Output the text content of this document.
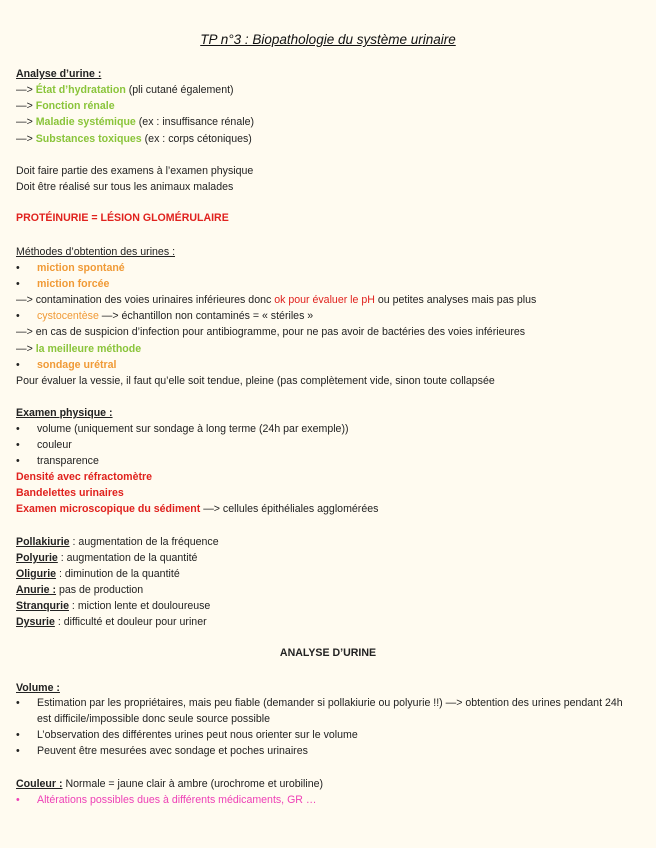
TP n°3 : Biopathologie du système urinaire
Analyse d’urine :
—> État d’hydratation (pli cutané également)
—> Fonction rénale
—> Maladie systémique (ex : insuffisance rénale)
—> Substances toxiques (ex : corps cétoniques)
Doit faire partie des examens à l’examen physique
Doit être réalisé sur tous les animaux malades
PROTÉINURIE = LÉSION GLOMÉRULAIRE
Méthodes d’obtention des urines :
• miction spontané
• miction forcée
—> contamination des voies urinaires inférieures donc ok pour évaluer le pH ou petites analyses mais pas plus
• cystocentèse —> échantillon non contaminés = « stériles »
—> en cas de suspicion d’infection pour antibiogramme, pour ne pas avoir de bactéries des voies inférieures
—> la meilleure méthode
• sondage urétral
Pour évaluer la vessie, il faut qu’elle soit tendue, pleine (pas complètement vide, sinon toute collapsée
Examen physique :
• volume (uniquement sur sondage à long terme (24h par exemple))
• couleur
• transparence
Densité avec réfractomètre
Bandelettes urinaires
Examen microscopique du sédiment —> cellules épithéliales agglomérées
Pollakiurie : augmentation de la fréquence
Polyurie : augmentation de la quantité
Oligurie : diminution de la quantité
Anurie : pas de production
Stranqurie : miction lente et douloureuse
Dysurie : difficulté et douleur pour uriner
ANALYSE D’URINE
Volume :
• Estimation par les propriétaires, mais peu fiable (demander si pollakiurie ou polyurie !!) —> obtention des urines pendant 24h est difficile/impossible donc seule source possible
• L’observation des différentes urines peut nous orienter sur le volume
• Peuvent être mesurées avec sondage et poches urinaires
Couleur : Normale = jaune clair à ambre (urochrome et urobiline)
• Altérations possibles dues à différents médicaments, GR …
